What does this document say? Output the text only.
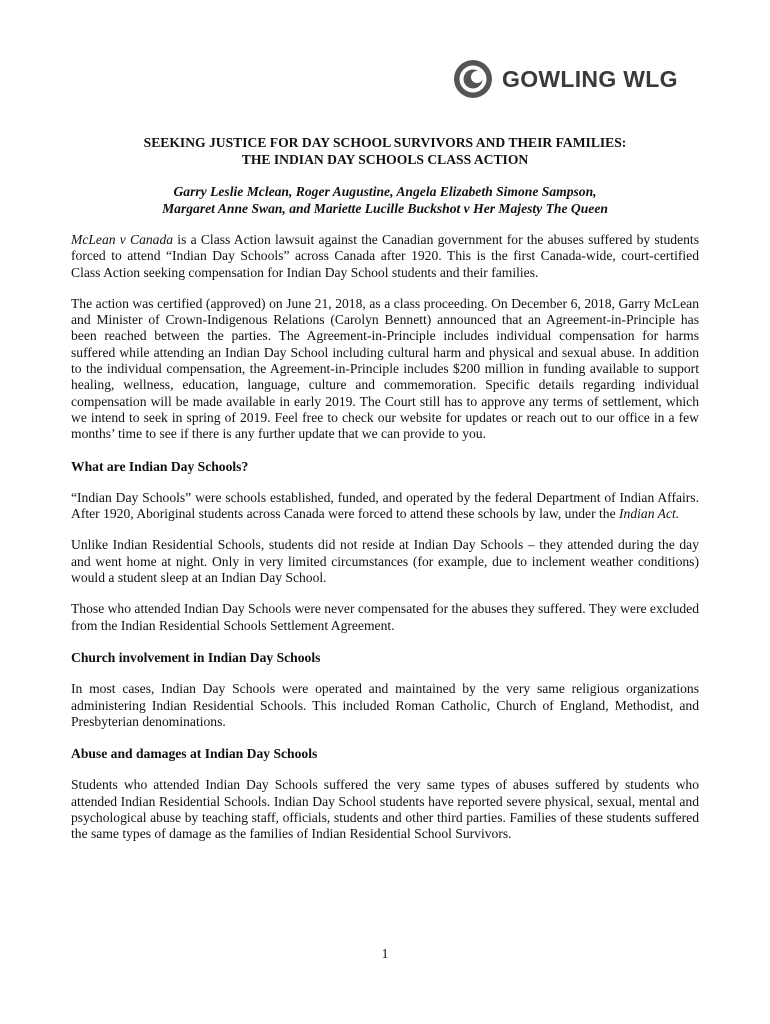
GOWLING WLG
SEEKING JUSTICE FOR DAY SCHOOL SURVIVORS AND THEIR FAMILIES:
THE INDIAN DAY SCHOOLS CLASS ACTION
Garry Leslie Mclean, Roger Augustine, Angela Elizabeth Simone Sampson,
Margaret Anne Swan, and Mariette Lucille Buckshot v Her Majesty The Queen

McLean v Canada is a Class Action lawsuit against the Canadian government for the abuses suffered by students forced to attend “Indian Day Schools” across Canada after 1920. This is the first Canada-wide, court-certified Class Action seeking compensation for Indian Day School students and their families.

The action was certified (approved) on June 21, 2018, as a class proceeding. On December 6, 2018, Garry McLean and Minister of Crown-Indigenous Relations (Carolyn Bennett) announced that an Agreement-in-Principle has been reached between the parties. The Agreement-in-Principle includes individual compensation for harms suffered while attending an Indian Day School including cultural harm and physical and sexual abuse. In addition to the individual compensation, the Agreement-in-Principle includes $200 million in funding available to support healing, wellness, education, language, culture and commemoration. Specific details regarding individual compensation will be made available in early 2019. The Court still has to approve any terms of settlement, which we intend to seek in spring of 2019. Feel free to check our website for updates or reach out to our office in a few months’ time to see if there is any further update that we can provide to you.

What are Indian Day Schools?

“Indian Day Schools” were schools established, funded, and operated by the federal Department of Indian Affairs. After 1920, Aboriginal students across Canada were forced to attend these schools by law, under the Indian Act.

Unlike Indian Residential Schools, students did not reside at Indian Day Schools – they attended during the day and went home at night. Only in very limited circumstances (for example, due to inclement weather conditions) would a student sleep at an Indian Day School.

Those who attended Indian Day Schools were never compensated for the abuses they suffered. They were excluded from the Indian Residential Schools Settlement Agreement.

Church involvement in Indian Day Schools

In most cases, Indian Day Schools were operated and maintained by the very same religious organizations administering Indian Residential Schools. This included Roman Catholic, Church of England, Methodist, and Presbyterian denominations.

Abuse and damages at Indian Day Schools

Students who attended Indian Day Schools suffered the very same types of abuses suffered by students who attended Indian Residential Schools. Indian Day School students have reported severe physical, sexual, mental and psychological abuse by teaching staff, officials, students and other third parties. Families of these students suffered the same types of damage as the families of Indian Residential School Survivors.

1
